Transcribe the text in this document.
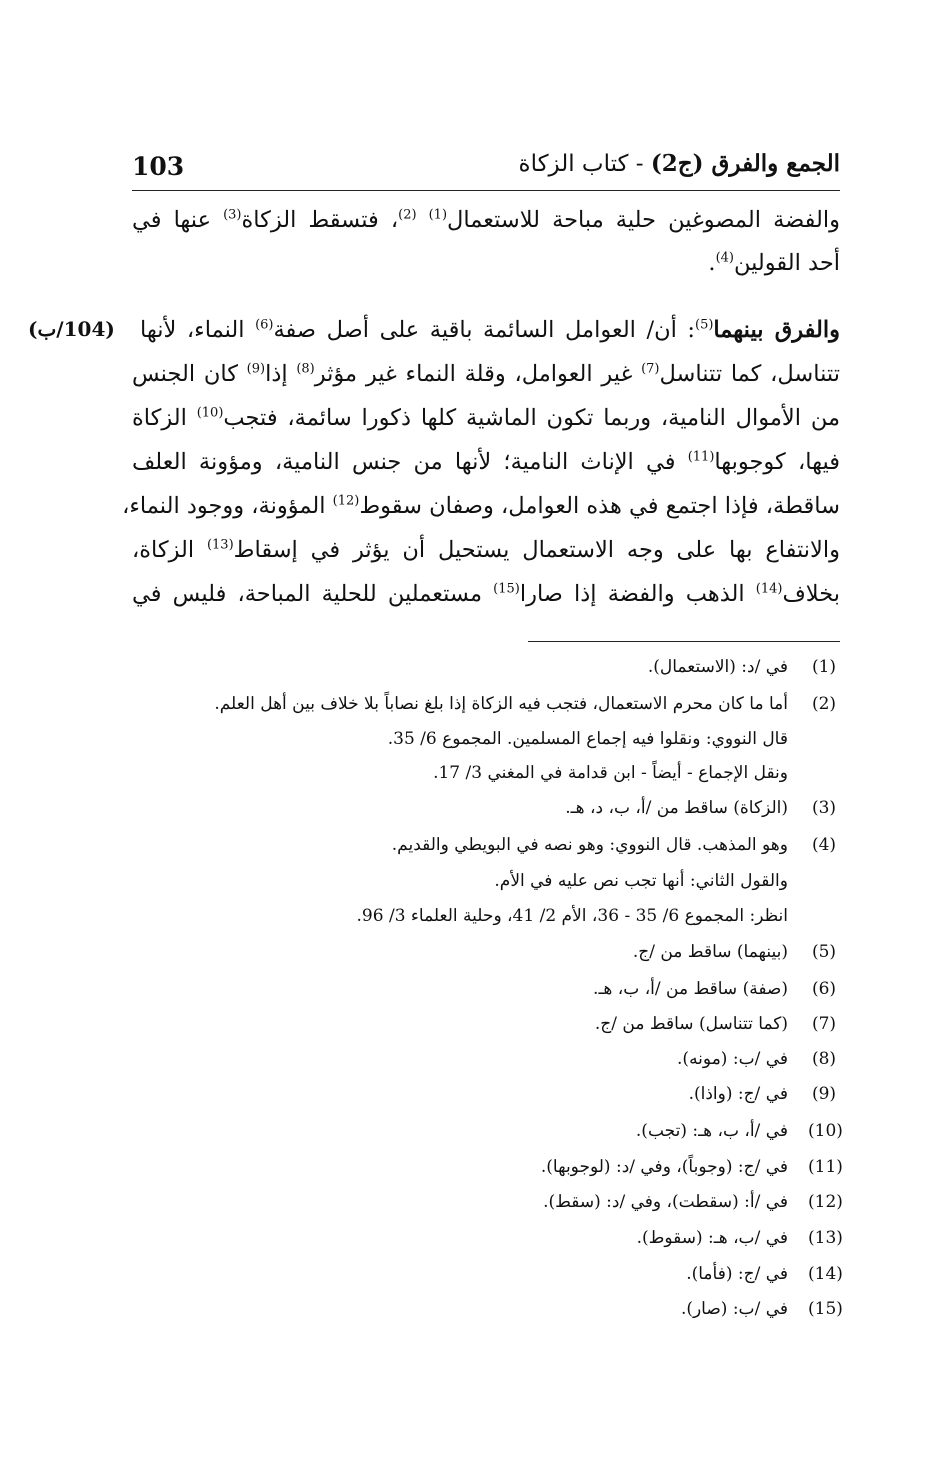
103	الجمع والفرق (ج2) - كتاب الزكاة
والفضة المصوغين حلية مباحة للاستعمال$^{(1)}$ $^{(2)}$، فتسقط الزكاة$^{(3)}$ عنها في
أحد القولين$^{(4)}$.
(104/ب)	والفرق بينهما$^{(5)}$: أن/ العوامل السائمة باقية على أصل صفة$^{(6)}$ النماء، لأنها
تتناسل، كما تتناسل$^{(7)}$ غير العوامل، وقلة النماء غير مؤثر$^{(8)}$ إذا$^{(9)}$ كان الجنس
من الأموال النامية، وربما تكون الماشية كلها ذكورا سائمة، فتجب$^{(10)}$ الزكاة
فيها، كوجوبها$^{(11)}$ في الإناث النامية؛ لأنها من جنس النامية، ومؤونة العلف
ساقطة، فإذا اجتمع في هذه العوامل، وصفان سقوط$^{(12)}$ المؤونة، ووجود النماء،
والانتفاع بها على وجه الاستعمال يستحيل أن يؤثر في إسقاط$^{(13)}$ الزكاة،
بخلاف$^{(14)}$ الذهب والفضة إذا صارا$^{(15)}$ مستعملين للحلية المباحة، فليس في
(1)
في /د: (الاستعمال).
(2)
أما ما كان محرم الاستعمال، فتجب فيه الزكاة إذا بلغ نصاباً بلا خلاف بين أهل العلم.
قال النووي: ونقلوا فيه إجماع المسلمين. المجموع 6/ 35.
ونقل الإجماع - أيضاً - ابن قدامة في المغني 3/ 17.
(3)
(الزكاة) ساقط من /أ، ب، د، هـ.
(4)
وهو المذهب. قال النووي: وهو نصه في البويطي والقديم.
والقول الثاني: أنها تجب نص عليه في الأم.
انظر: المجموع 6/ 35 - 36، الأم 2/ 41، وحلية العلماء 3/ 96.
(5)
(بينهما) ساقط من /ج.
(6)
(صفة) ساقط من /أ، ب، هـ.
(7)
(كما تتناسل) ساقط من /ج.
(8)
في /ب: (مونه).
(9)
في /ج: (واذا).
(10)
في /أ، ب، هـ: (تجب).
(11)
في /ج: (وجوباً)، وفي /د: (لوجوبها).
(12)
في /أ: (سقطت)، وفي /د: (سقط).
(13)
في /ب، هـ: (سقوط).
(14)
في /ج: (فأما).
(15)
في /ب: (صار).
